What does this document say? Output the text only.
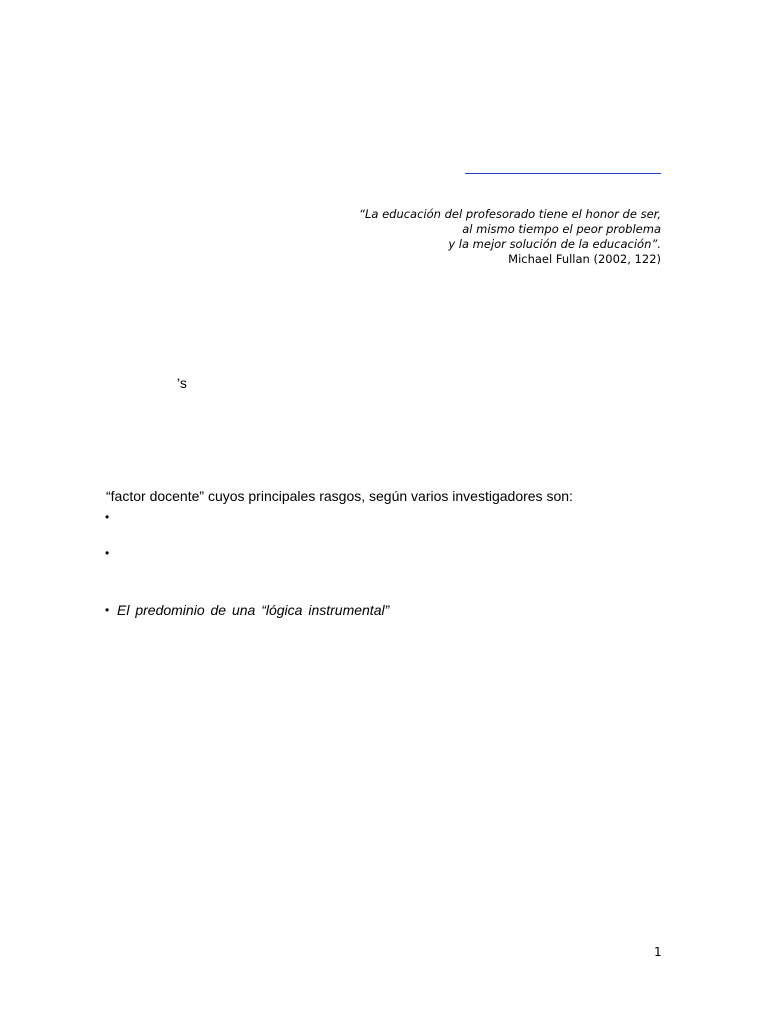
“La educación del profesorado tiene el honor de ser,
al mismo tiempo el peor problema
y la mejor solución de la educación”.
Michael Fullan (2002, 122)
’s
“factor docente” cuyos principales rasgos, según varios investigadores son:
•
•
• El predominio de una “lógica instrumental”
1
